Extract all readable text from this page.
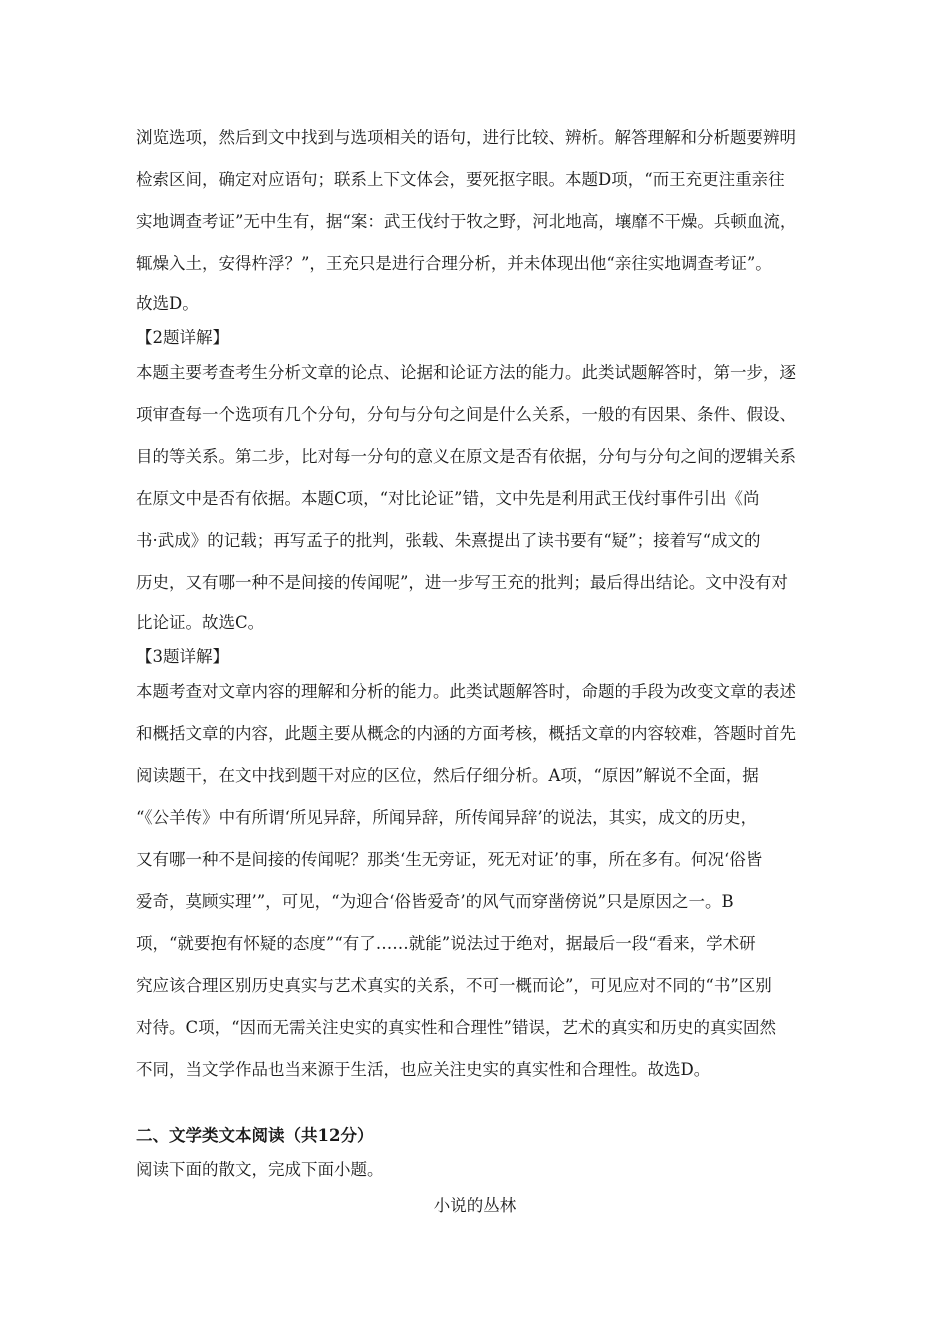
浏览选项，然后到文中找到与选项相关的语句，进行比较、辨析。解答理解和分析题要辨明
检索区间，确定对应语句；联系上下文体会，要死抠字眼。本题D项，“而王充更注重亲往
实地调查考证”无中生有，据“案：武王伐纣于牧之野，河北地高，壤靡不干燥。兵顿血流，
辄燥入土，安得杵浮？”，王充只是进行合理分析，并未体现出他“亲往实地调查考证”。
故选D。
【2题详解】
本题主要考查考生分析文章的论点、论据和论证方法的能力。此类试题解答时，第一步，逐
项审查每一个选项有几个分句，分句与分句之间是什么关系，一般的有因果、条件、假设、
目的等关系。第二步，比对每一分句的意义在原文是否有依据，分句与分句之间的逻辑关系
在原文中是否有依据。本题C项，“对比论证”错，文中先是利用武王伐纣事件引出《尚
书·武成》的记载；再写孟子的批判，张载、朱熹提出了读书要有“疑”；接着写“成文的
历史，又有哪一种不是间接的传闻呢”，进一步写王充的批判；最后得出结论。文中没有对
比论证。故选C。
【3题详解】
本题考查对文章内容的理解和分析的能力。此类试题解答时，命题的手段为改变文章的表述
和概括文章的内容，此题主要从概念的内涵的方面考核，概括文章的内容较难，答题时首先
阅读题干，在文中找到题干对应的区位，然后仔细分析。A项，“原因”解说不全面，据
“《公羊传》中有所谓‘所见异辞，所闻异辞，所传闻异辞’的说法，其实，成文的历史，
又有哪一种不是间接的传闻呢？那类‘生无旁证，死无对证’的事，所在多有。何况‘俗皆
爱奇，莫顾实理’”，可见，“为迎合‘俗皆爱奇’的风气而穿凿傍说”只是原因之一。B
项，“就要抱有怀疑的态度”“有了……就能”说法过于绝对，据最后一段“看来，学术研
究应该合理区别历史真实与艺术真实的关系，不可一概而论”，可见应对不同的“书”区别
对待。C项，“因而无需关注史实的真实性和合理性”错误，艺术的真实和历史的真实固然
不同，当文学作品也当来源于生活，也应关注史实的真实性和合理性。故选D。
二、文学类文本阅读（共12分）
阅读下面的散文，完成下面小题。
小说的丛林
